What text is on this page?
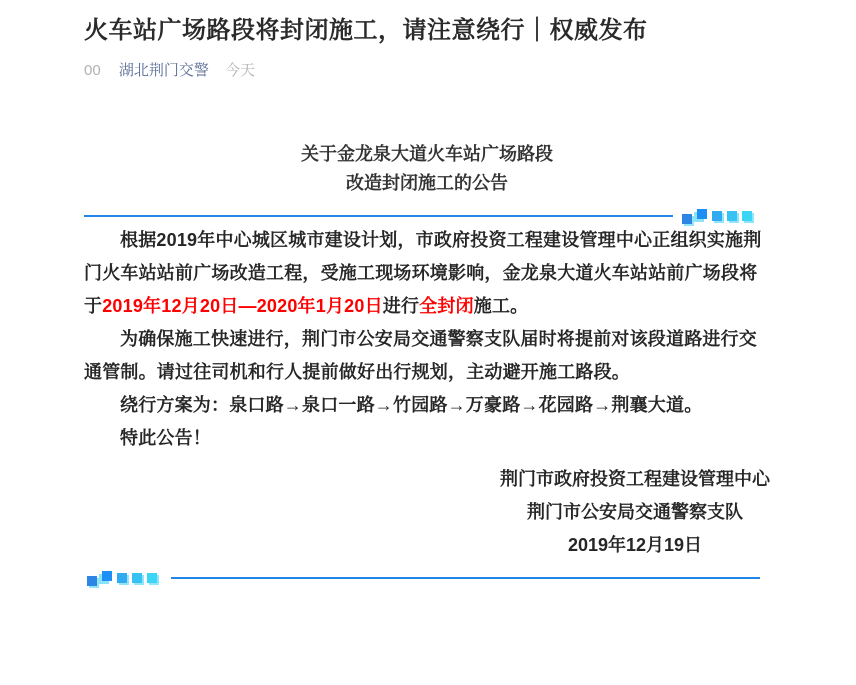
火车站广场路段将封闭施工，请注意绕行｜权威发布
00 湖北荆门交警 今天
关于金龙泉大道火车站广场路段
改造封闭施工的公告

根据2019年中心城区城市建设计划，市政府投资工程建设管理中心正组织实施荆门火车站站前广场改造工程，受施工现场环境影响，金龙泉大道火车站站前广场段将于2019年12月20日—2020年1月20日进行全封闭施工。

为确保施工快速进行，荆门市公安局交通警察支队届时将提前对该段道路进行交通管制。请过往司机和行人提前做好出行规划，主动避开施工路段。

绕行方案为：泉口路→泉口一路→竹园路→万豪路→花园路→荆襄大道。

特此公告！

荆门市政府投资工程建设管理中心
荆门市公安局交通警察支队
2019年12月19日
